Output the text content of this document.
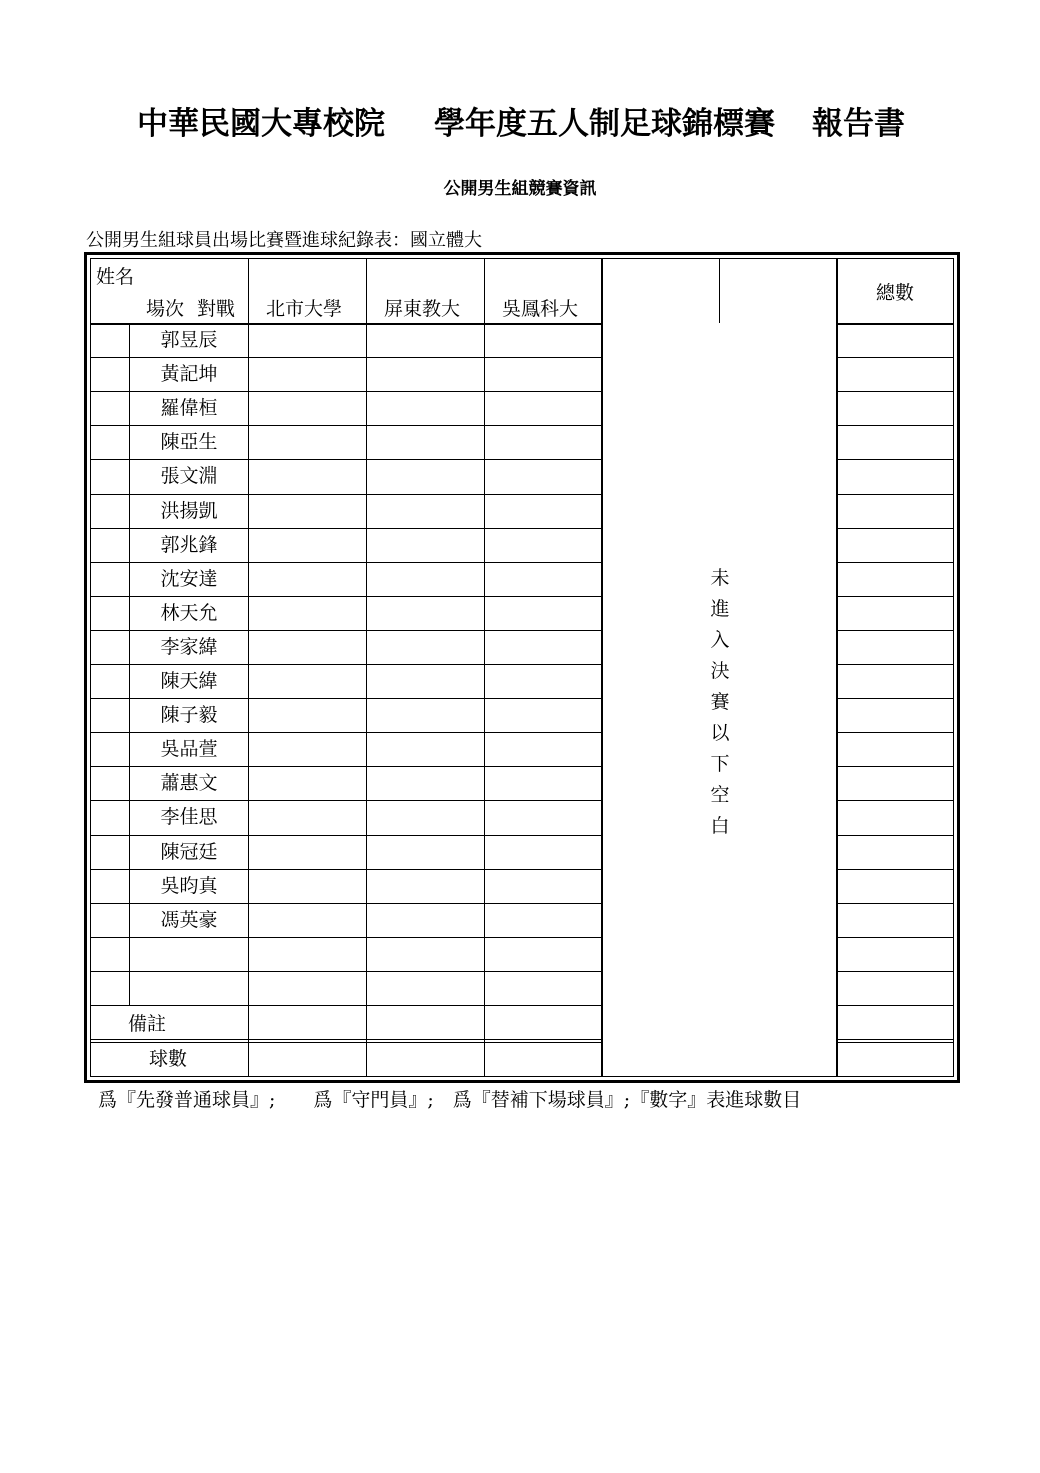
中華民國大專校院

學年度五人制足球錦標賽

報告書

公開男生組競賽資訊
公開男生組球員出場比賽暨進球紀錄表：國立體大
姓名
場次 對戰 北市大學 屏東教大 吳鳳科大
總數
郭昱辰
黃記坤
羅偉桓
陳亞生
張文淵
洪揚凱
郭兆鋒
沈安達
林天允
李家緯
陳天緯
陳子毅
吳品萱
蕭惠文
李佳思
陳冠廷
吳昀真
馮英豪
備註
球數
未
進
入
決
賽
以
下
空
白
爲『先發普通球員』;　　爲『守門員』;　爲『替補下場球員』;『數字』表進球數目
